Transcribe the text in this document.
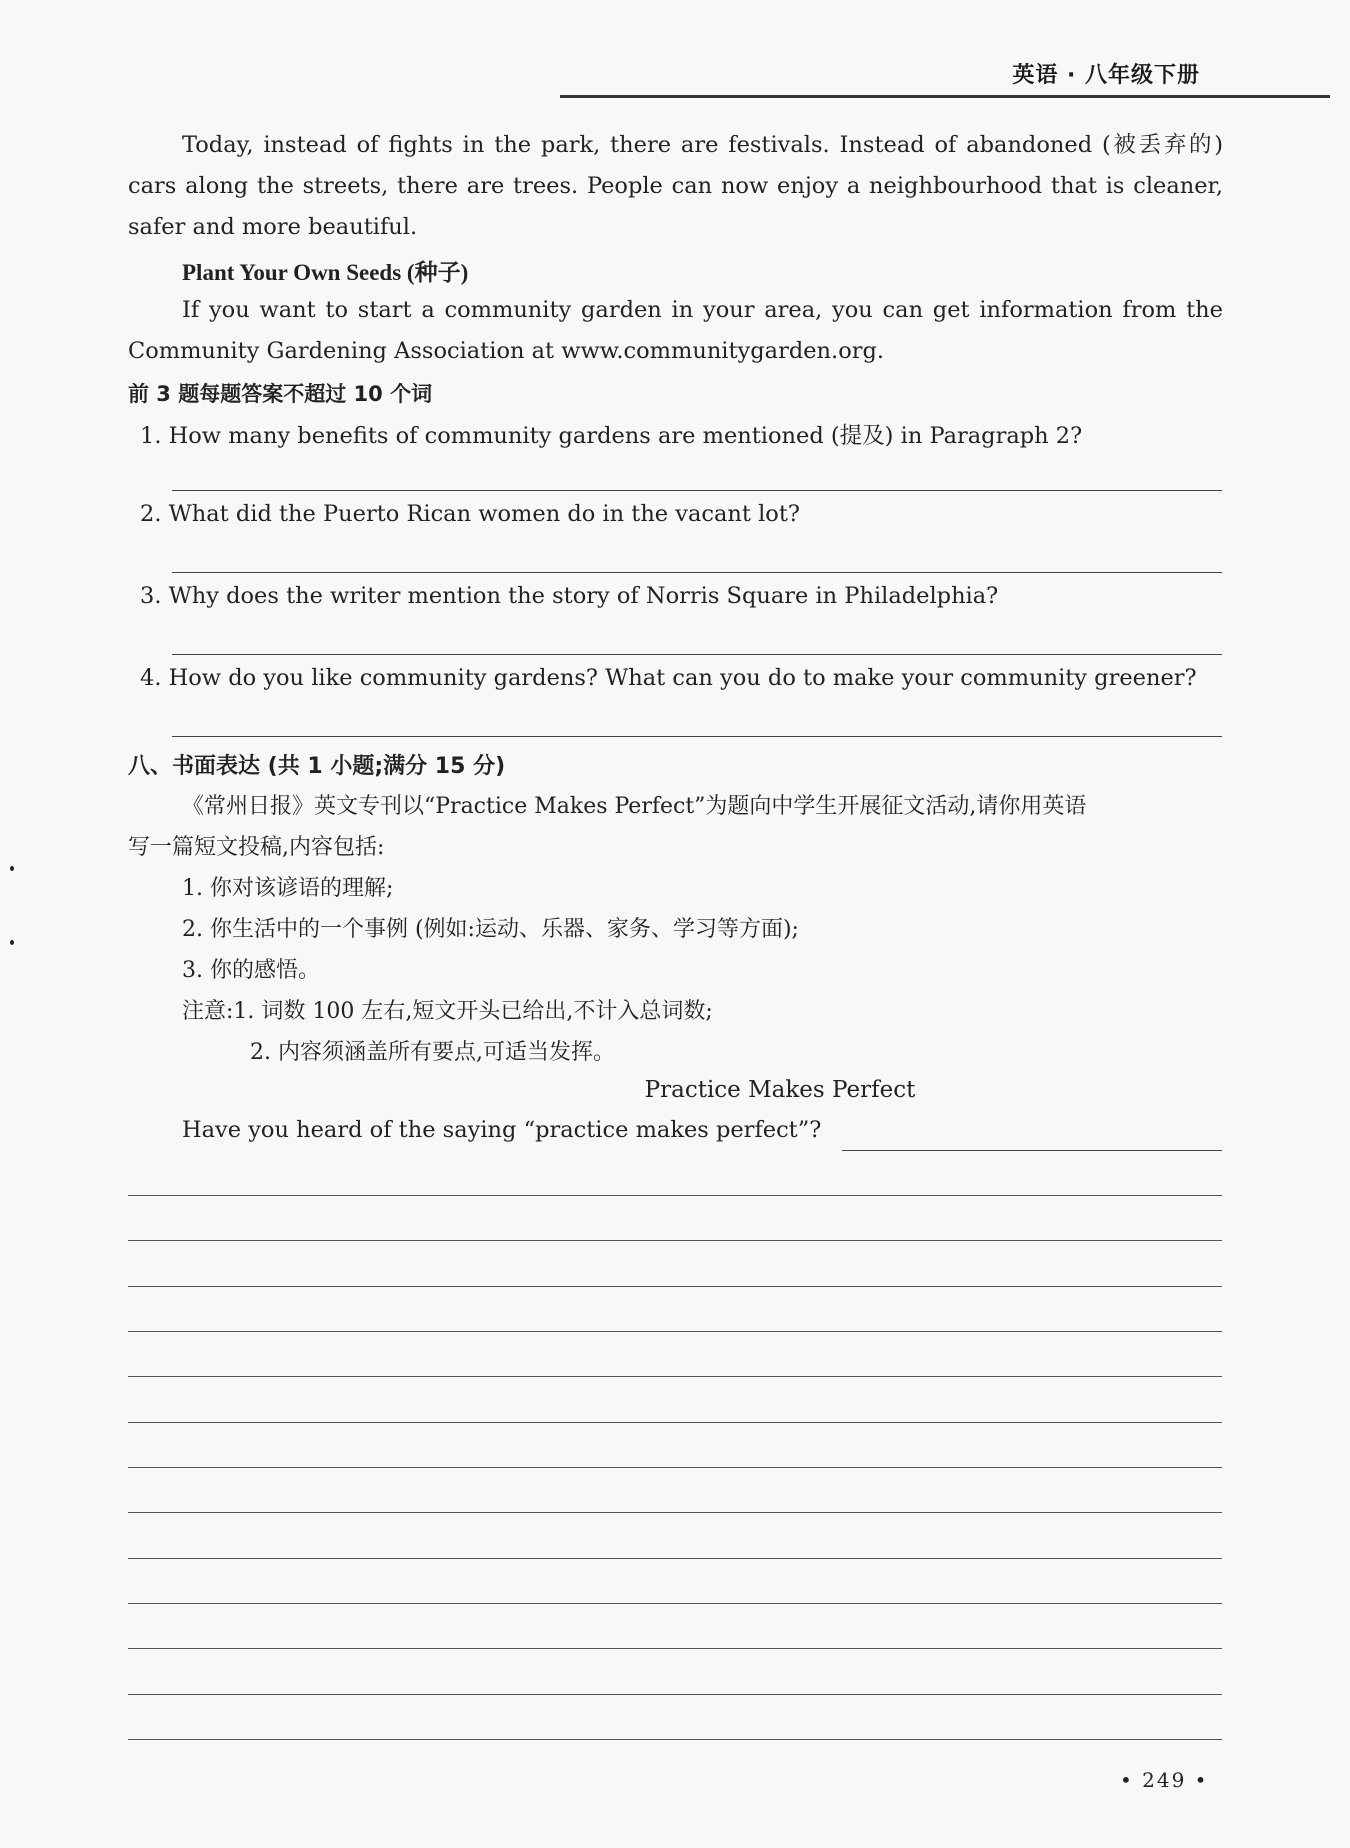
英语 · 八年级下册

Today, instead of fights in the park, there are festivals. Instead of abandoned (被丢弃的) cars along the streets, there are trees. People can now enjoy a neighbourhood that is cleaner, safer and more beautiful.

Plant Your Own Seeds (种子)

If you want to start a community garden in your area, you can get information from the Community Gardening Association at www.communitygarden.org.

前 3 题每题答案不超过 10 个词
1. How many benefits of community gardens are mentioned (提及) in Paragraph 2?
2. What did the Puerto Rican women do in the vacant lot?
3. Why does the writer mention the story of Norris Square in Philadelphia?
4. How do you like community gardens? What can you do to make your community greener?
八、书面表达 (共 1 小题;满分 15 分)
《常州日报》英文专刊以“Practice Makes Perfect”为题向中学生开展征文活动,请你用英语
写一篇短文投稿,内容包括:
1. 你对该谚语的理解;
2. 你生活中的一个事例 (例如:运动、乐器、家务、学习等方面);
3. 你的感悟。
注意:1. 词数 100 左右,短文开头已给出,不计入总词数;
2. 内容须涵盖所有要点,可适当发挥。
Practice Makes Perfect
Have you heard of the saying “practice makes perfect”?
• 249 •
